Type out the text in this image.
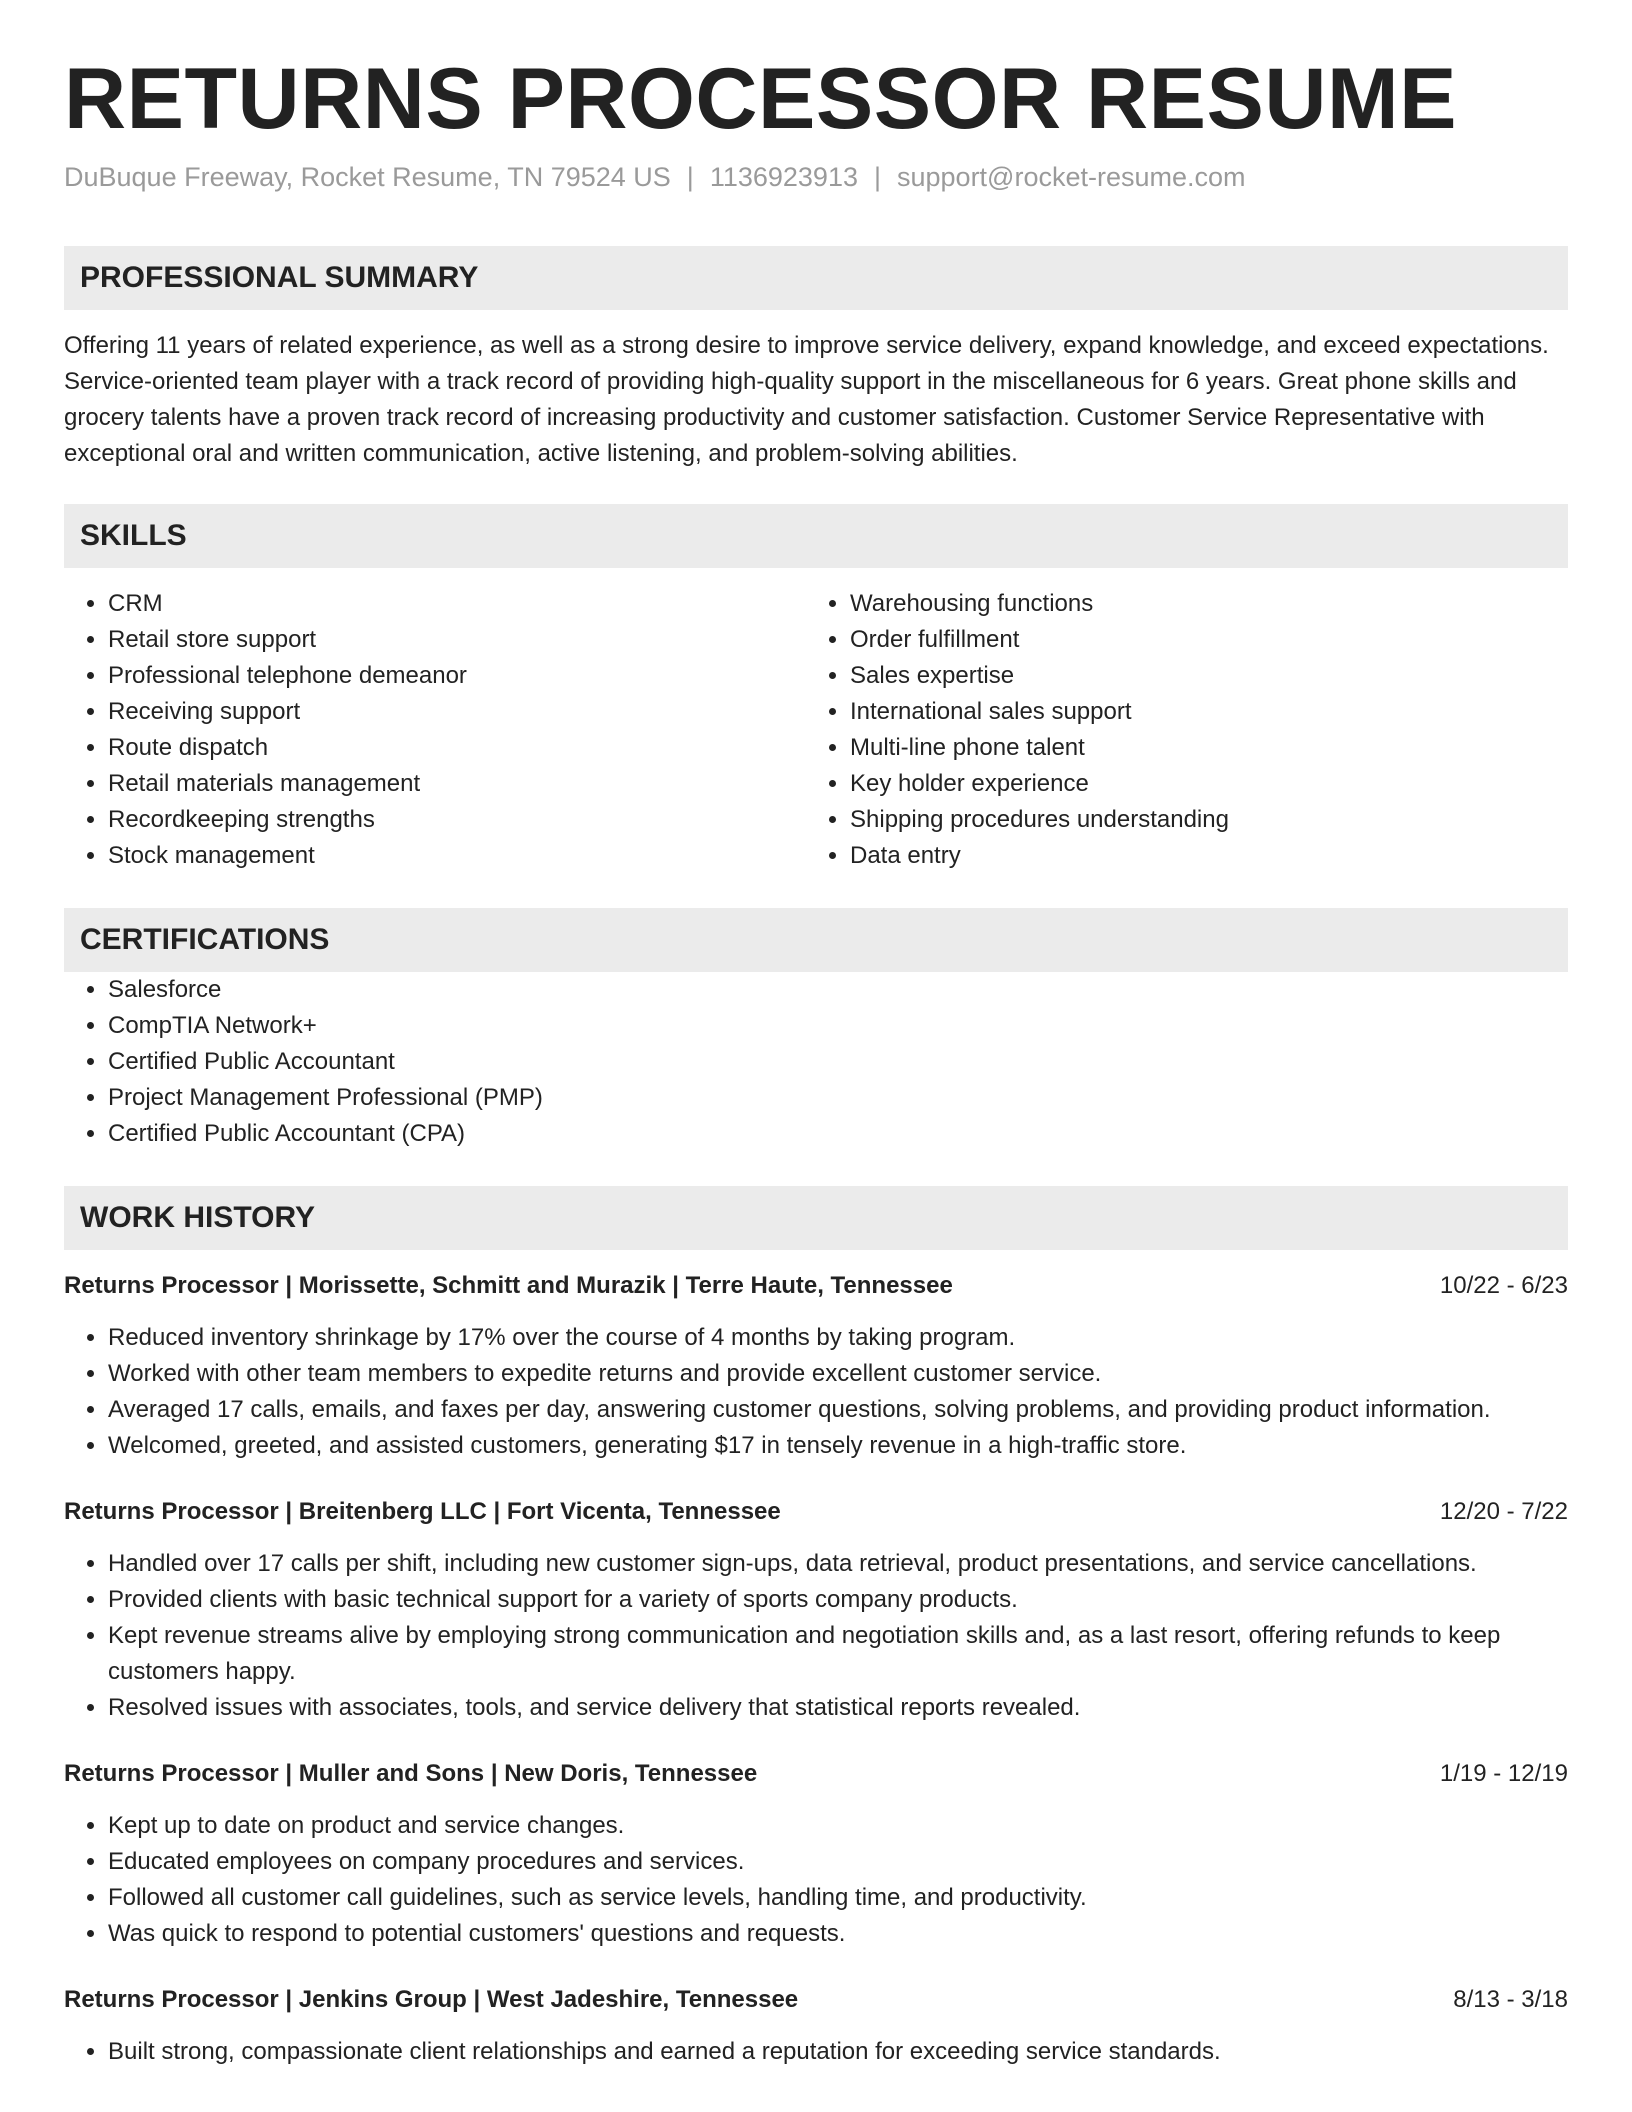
RETURNS PROCESSOR RESUME
DuBuque Freeway, Rocket Resume, TN 79524 US | 1136923913 | support@rocket-resume.com
PROFESSIONAL SUMMARY

Offering 11 years of related experience, as well as a strong desire to improve service delivery, expand knowledge, and exceed expectations. Service-oriented team player with a track record of providing high-quality support in the miscellaneous for 6 years. Great phone skills and grocery talents have a proven track record of increasing productivity and customer satisfaction. Customer Service Representative with exceptional oral and written communication, active listening, and problem-solving abilities.

SKILLS
• CRM
• Retail store support
• Professional telephone demeanor
• Receiving support
• Route dispatch
• Retail materials management
• Recordkeeping strengths
• Stock management
• Warehousing functions
• Order fulfillment
• Sales expertise
• International sales support
• Multi-line phone talent
• Key holder experience
• Shipping procedures understanding
• Data entry
CERTIFICATIONS
• Salesforce
• CompTIA Network+
• Certified Public Accountant
• Project Management Professional (PMP)
• Certified Public Accountant (CPA)
WORK HISTORY
Returns Processor | Morissette, Schmitt and Murazik | Terre Haute, Tennessee	10/22 - 6/23
• Reduced inventory shrinkage by 17% over the course of 4 months by taking program.
• Worked with other team members to expedite returns and provide excellent customer service.
• Averaged 17 calls, emails, and faxes per day, answering customer questions, solving problems, and providing product information.
• Welcomed, greeted, and assisted customers, generating $17 in tensely revenue in a high-traffic store.
Returns Processor | Breitenberg LLC | Fort Vicenta, Tennessee	12/20 - 7/22
• Handled over 17 calls per shift, including new customer sign-ups, data retrieval, product presentations, and service cancellations.
• Provided clients with basic technical support for a variety of sports company products.
• Kept revenue streams alive by employing strong communication and negotiation skills and, as a last resort, offering refunds to keep customers happy.
• Resolved issues with associates, tools, and service delivery that statistical reports revealed.
Returns Processor | Muller and Sons | New Doris, Tennessee	1/19 - 12/19
• Kept up to date on product and service changes.
• Educated employees on company procedures and services.
• Followed all customer call guidelines, such as service levels, handling time, and productivity.
• Was quick to respond to potential customers' questions and requests.
Returns Processor | Jenkins Group | West Jadeshire, Tennessee	8/13 - 3/18
• Built strong, compassionate client relationships and earned a reputation for exceeding service standards.
